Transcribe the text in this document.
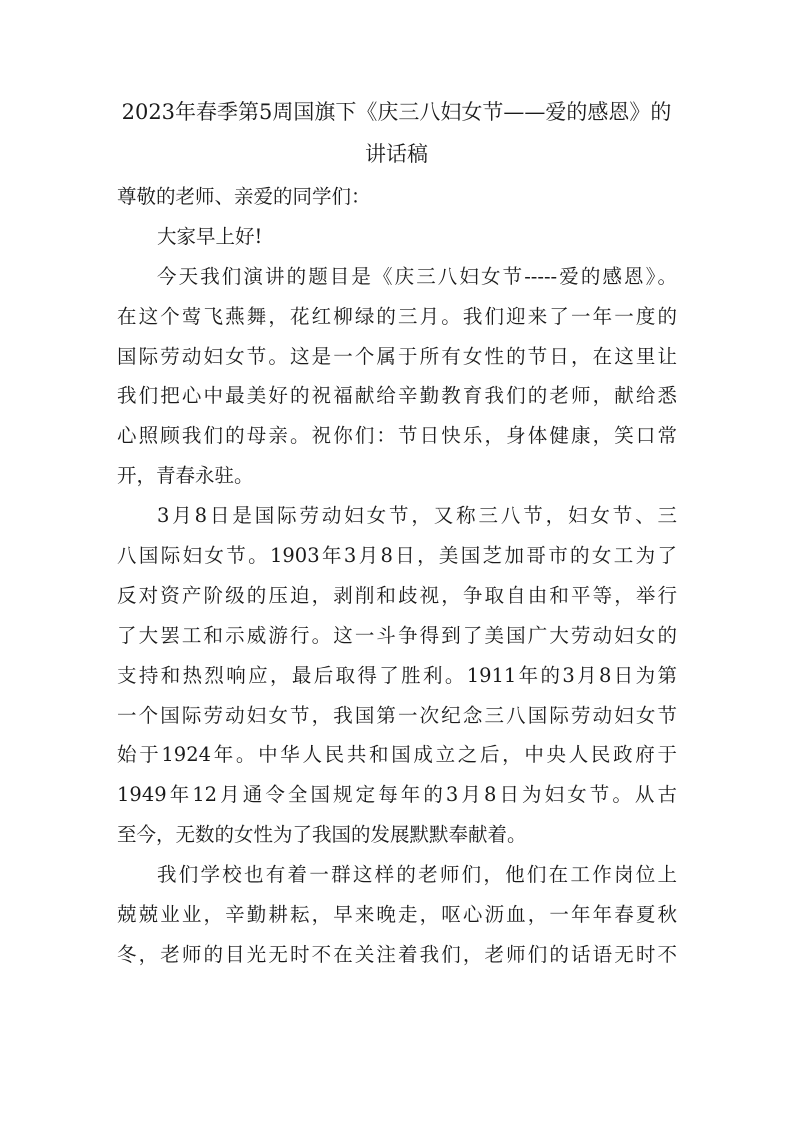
2023年春季第5周国旗下《庆三八妇女节——爱的感恩》的
讲话稿
尊敬的老师、亲爱的同学们：
大家早上好!
今天我们演讲的题目是《庆三八妇女节-----爱的感恩》。
在这个莺飞燕舞，花红柳绿的三月。我们迎来了一年一度的
国际劳动妇女节。这是一个属于所有女性的节日，在这里让
我们把心中最美好的祝福献给辛勤教育我们的老师，献给悉
心照顾我们的母亲。祝你们：节日快乐，身体健康，笑口常
开，青春永驻。
3月8日是国际劳动妇女节，又称三八节，妇女节、三
八国际妇女节。1903年3月8日，美国芝加哥市的女工为了
反对资产阶级的压迫，剥削和歧视，争取自由和平等，举行
了大罢工和示威游行。这一斗争得到了美国广大劳动妇女的
支持和热烈响应，最后取得了胜利。1911年的3月8日为第
一个国际劳动妇女节，我国第一次纪念三八国际劳动妇女节
始于1924年。中华人民共和国成立之后，中央人民政府于
1949年12月通令全国规定每年的3月8日为妇女节。从古
至今，无数的女性为了我国的发展默默奉献着。
我们学校也有着一群这样的老师们，他们在工作岗位上
兢兢业业，辛勤耕耘，早来晚走，呕心沥血，一年年春夏秋
冬，老师的目光无时不在关注着我们，老师们的话语无时不
